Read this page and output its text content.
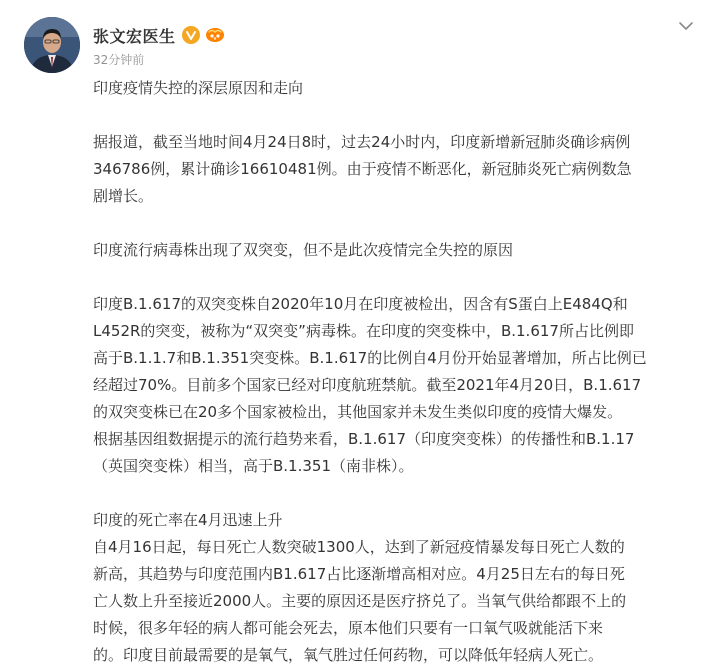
张文宏医生
32分钟前
印度疫情失控的深层原因和走向
据报道，截至当地时间4月24日8时，过去24小时内，印度新增新冠肺炎确诊病例
346786例，累计确诊16610481例。由于疫情不断恶化，新冠肺炎死亡病例数急
剧增长。
印度流行病毒株出现了双突变，但不是此次疫情完全失控的原因
印度B.1.617的双突变株自2020年10月在印度被检出，因含有S蛋白上E484Q和
L452R的突变，被称为“双突变”病毒株。在印度的突变株中，B.1.617所占比例即
高于B.1.1.7和B.1.351突变株。B.1.617的比例自4月份开始显著增加，所占比例已
经超过70%。目前多个国家已经对印度航班禁航。截至2021年4月20日，B.1.617
的双突变株已在20多个国家被检出，其他国家并未发生类似印度的疫情大爆发。
根据基因组数据提示的流行趋势来看，B.1.617（印度突变株）的传播性和B.1.17
（英国突变株）相当，高于B.1.351（南非株）。
印度的死亡率在4月迅速上升
自4月16日起，每日死亡人数突破1300人，达到了新冠疫情暴发每日死亡人数的
新高，其趋势与印度范围内B1.617占比逐渐增高相对应。4月25日左右的每日死
亡人数上升至接近2000人。主要的原因还是医疗挤兑了。当氧气供给都跟不上的
时候，很多年轻的病人都可能会死去，原本他们只要有一口氧气吸就能活下来
的。印度目前最需要的是氧气，氧气胜过任何药物，可以降低年轻病人死亡。
